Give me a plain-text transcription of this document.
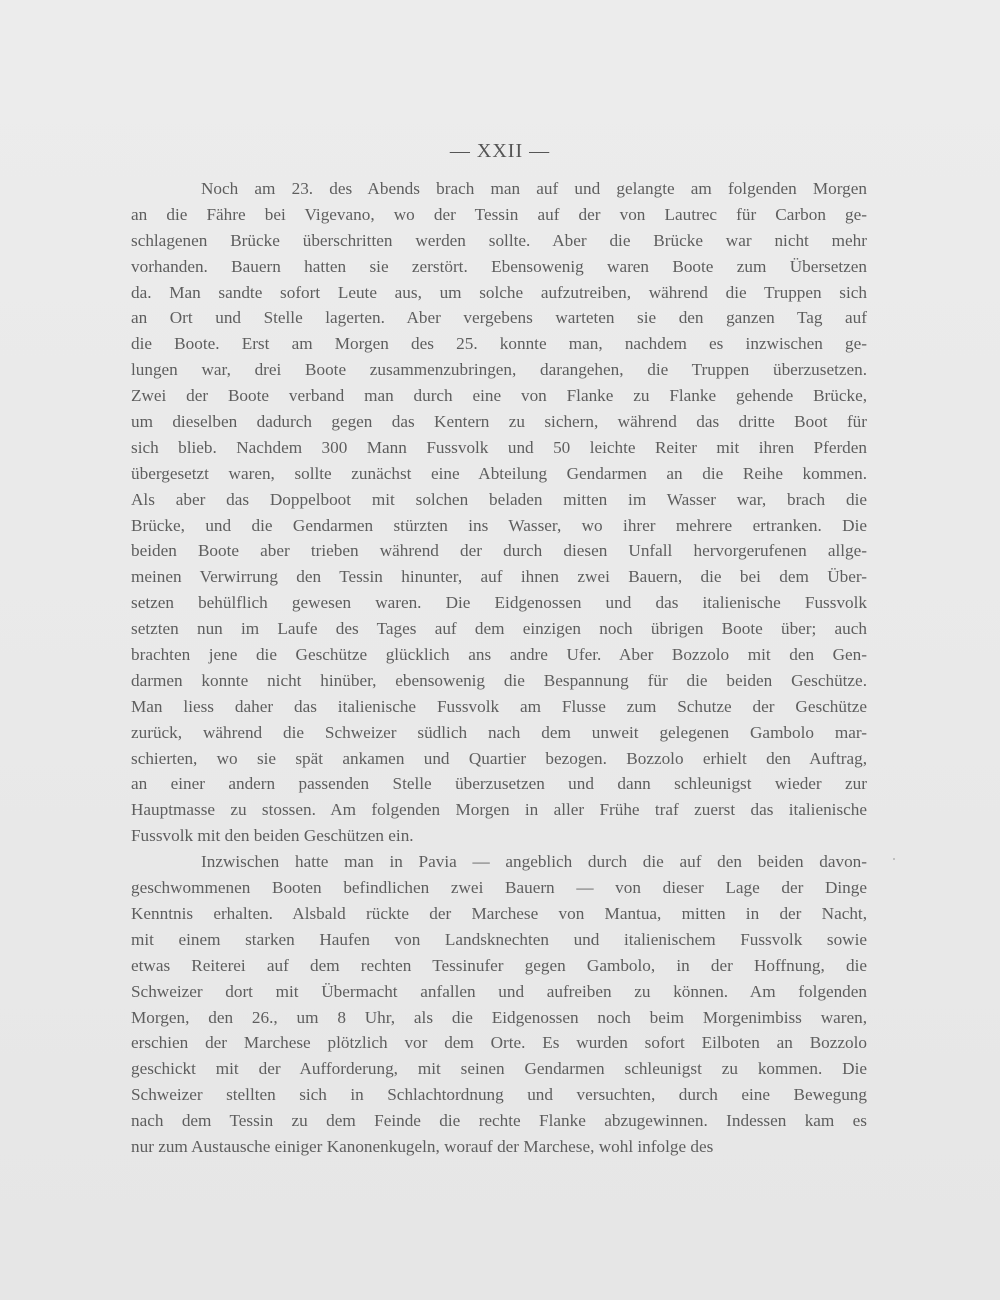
— XXII —
Noch am 23. des Abends brach man auf und gelangte am folgenden Morgen
an die Fähre bei Vigevano, wo der Tessin auf der von Lautrec für Carbon ge-
schlagenen Brücke überschritten werden sollte. Aber die Brücke war nicht mehr
vorhanden. Bauern hatten sie zerstört. Ebensowenig waren Boote zum Übersetzen
da. Man sandte sofort Leute aus, um solche aufzutreiben, während die Truppen sich
an Ort und Stelle lagerten. Aber vergebens warteten sie den ganzen Tag auf
die Boote. Erst am Morgen des 25. konnte man, nachdem es inzwischen ge-
lungen war, drei Boote zusammenzubringen, darangehen, die Truppen überzusetzen.
Zwei der Boote verband man durch eine von Flanke zu Flanke gehende Brücke,
um dieselben dadurch gegen das Kentern zu sichern, während das dritte Boot für
sich blieb. Nachdem 300 Mann Fussvolk und 50 leichte Reiter mit ihren Pferden
übergesetzt waren, sollte zunächst eine Abteilung Gendarmen an die Reihe kommen.
Als aber das Doppelboot mit solchen beladen mitten im Wasser war, brach die
Brücke, und die Gendarmen stürzten ins Wasser, wo ihrer mehrere ertranken. Die
beiden Boote aber trieben während der durch diesen Unfall hervorgerufenen allge-
meinen Verwirrung den Tessin hinunter, auf ihnen zwei Bauern, die bei dem Über-
setzen behülflich gewesen waren. Die Eidgenossen und das italienische Fussvolk
setzten nun im Laufe des Tages auf dem einzigen noch übrigen Boote über; auch
brachten jene die Geschütze glücklich ans andre Ufer. Aber Bozzolo mit den Gen-
darmen konnte nicht hinüber, ebensowenig die Bespannung für die beiden Geschütze.
Man liess daher das italienische Fussvolk am Flusse zum Schutze der Geschütze
zurück, während die Schweizer südlich nach dem unweit gelegenen Gambolo mar-
schierten, wo sie spät ankamen und Quartier bezogen. Bozzolo erhielt den Auftrag,
an einer andern passenden Stelle überzusetzen und dann schleunigst wieder zur
Hauptmasse zu stossen. Am folgenden Morgen in aller Frühe traf zuerst das italienische
Fussvolk mit den beiden Geschützen ein.
Inzwischen hatte man in Pavia — angeblich durch die auf den beiden davon-
geschwommenen Booten befindlichen zwei Bauern — von dieser Lage der Dinge
Kenntnis erhalten. Alsbald rückte der Marchese von Mantua, mitten in der Nacht,
mit einem starken Haufen von Landsknechten und italienischem Fussvolk sowie
etwas Reiterei auf dem rechten Tessinufer gegen Gambolo, in der Hoffnung, die
Schweizer dort mit Übermacht anfallen und aufreiben zu können. Am folgenden
Morgen, den 26., um 8 Uhr, als die Eidgenossen noch beim Morgenimbiss waren,
erschien der Marchese plötzlich vor dem Orte. Es wurden sofort Eilboten an Bozzolo
geschickt mit der Aufforderung, mit seinen Gendarmen schleunigst zu kommen. Die
Schweizer stellten sich in Schlachtordnung und versuchten, durch eine Bewegung
nach dem Tessin zu dem Feinde die rechte Flanke abzugewinnen. Indessen kam es
nur zum Austausche einiger Kanonenkugeln, worauf der Marchese, wohl infolge des
